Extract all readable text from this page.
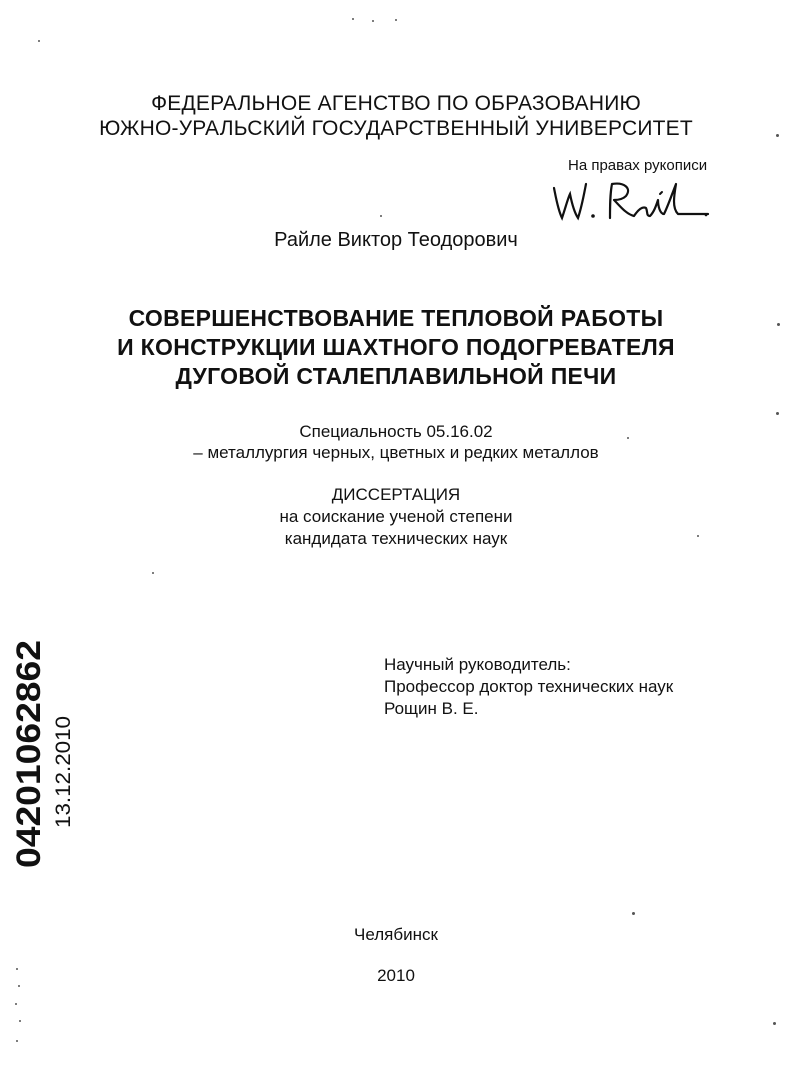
ФЕДЕРАЛЬНОЕ АГЕНСТВО ПО ОБРАЗОВАНИЮ
ЮЖНО-УРАЛЬСКИЙ ГОСУДАРСТВЕННЫЙ УНИВЕРСИТЕТ
На правах рукописи
Райле Виктор Теодорович
СОВЕРШЕНСТВОВАНИЕ ТЕПЛОВОЙ РАБОТЫ
И КОНСТРУКЦИИ ШАХТНОГО ПОДОГРЕВАТЕЛЯ
ДУГОВОЙ СТАЛЕПЛАВИЛЬНОЙ ПЕЧИ
Специальность 05.16.02
– металлургия черных, цветных и редких металлов
ДИССЕРТАЦИЯ
на соискание ученой степени
кандидата технических наук
Научный руководитель:
Профессор доктор технических наук
Рощин В. Е.
04201062862 13.12.2010
Челябинск
2010
